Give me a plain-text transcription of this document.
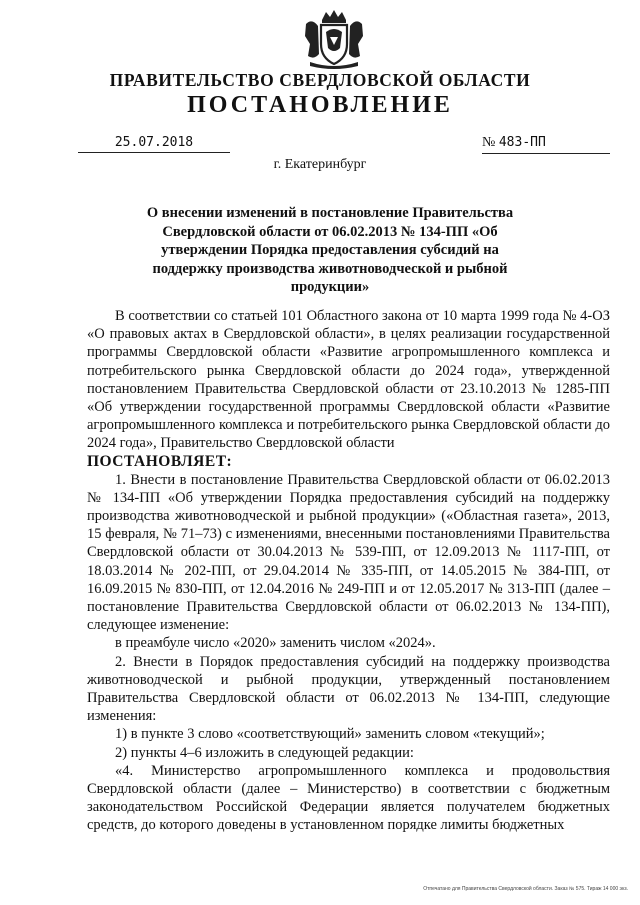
ПРАВИТЕЛЬСТВО СВЕРДЛОВСКОЙ ОБЛАСТИ
ПОСТАНОВЛЕНИЕ
25.07.2018	№ 483-ПП
г. Екатеринбург
О внесении изменений в постановление Правительства Свердловской области от 06.02.2013 № 134-ПП «Об утверждении Порядка предоставления субсидий на поддержку производства животноводческой и рыбной продукции»

В соответствии со статьей 101 Областного закона от 10 марта 1999 года № 4-ОЗ «О правовых актах в Свердловской области», в целях реализации государственной программы Свердловской области «Развитие агропромышленного комплекса и потребительского рынка Свердловской области до 2024 года», утвержденной постановлением Правительства Свердловской области от 23.10.2013 № 1285-ПП «Об утверждении государственной программы Свердловской области «Развитие агропромышленного комплекса и потребительского рынка Свердловской области до 2024 года», Правительство Свердловской области

ПОСТАНОВЛЯЕТ:

1. Внести в постановление Правительства Свердловской области от 06.02.2013 № 134-ПП «Об утверждении Порядка предоставления субсидий на поддержку производства животноводческой и рыбной продукции» («Областная газета», 2013, 15 февраля, № 71–73) с изменениями, внесенными постановлениями Правительства Свердловской области от 30.04.2013 № 539-ПП, от 12.09.2013 № 1117-ПП, от 18.03.2014 № 202-ПП, от 29.04.2014 № 335-ПП, от 14.05.2015 № 384-ПП, от 16.09.2015 № 830-ПП, от 12.04.2016 № 249-ПП и от 12.05.2017 № 313-ПП (далее – постановление Правительства Свердловской области от 06.02.2013 № 134-ПП), следующее изменение:

в преамбуле число «2020» заменить числом «2024».

2. Внести в Порядок предоставления субсидий на поддержку производства животноводческой и рыбной продукции, утвержденный постановлением Правительства Свердловской области от 06.02.2013 № 134-ПП, следующие изменения:

1) в пункте 3 слово «соответствующий» заменить словом «текущий»;

2) пункты 4–6 изложить в следующей редакции:

«4. Министерство агропромышленного комплекса и продовольствия Свердловской области (далее – Министерство) в соответствии с бюджетным законодательством Российской Федерации является получателем бюджетных средств, до которого доведены в установленном порядке лимиты бюджетных

Отпечатано для Правительства Свердловской области. Заказ № 575. Тираж 14 000 экз.
